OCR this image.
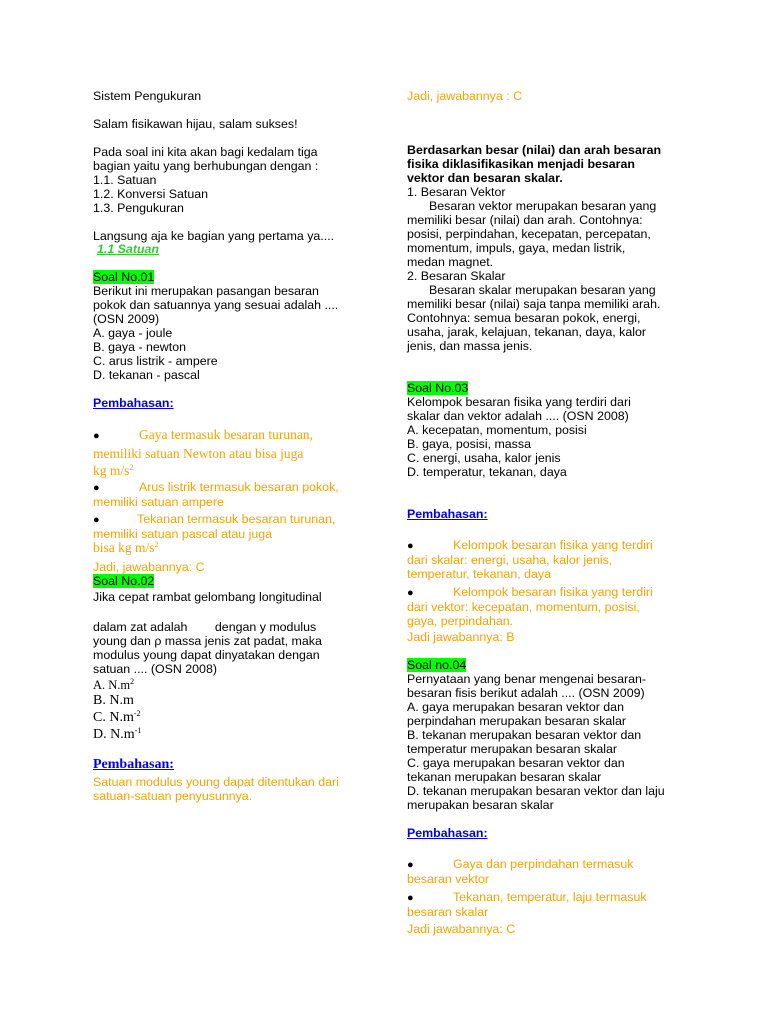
Sistem Pengukuran
Salam fisikawan hijau, salam sukses!
Pada soal ini kita akan bagi kedalam tiga
bagian yaitu yang berhubungan dengan :
1.1. Satuan
1.2. Konversi Satuan
1.3. Pengukuran
Langsung aja ke bagian yang pertama ya....
1.1 Satuan
Soal No.01
Berikut ini merupakan pasangan besaran
pokok dan satuannya yang sesuai adalah ....
(OSN 2009)
A. gaya - joule
B. gaya - newton
C. arus listrik - ampere
D. tekanan - pascal
Pembahasan:
●	Gaya termasuk besaran turunan,
memiliki satuan Newton atau bisa juga
kg $m/s^2$
●	Arus listrik termasuk besaran pokok,
memiliki satuan ampere
●	Tekanan termasuk besaran turunan,
memiliki satuan pascal atau juga
bisa kg $m/s^2$
Jadi, jawabannya: C
Soal No.02
Jika cepat rambat gelombang longitudinal
dalam zat adalah        dengan y modulus
young dan ρ massa jenis zat padat, maka
modulus young dapat dinyatakan dengan
satuan .... (OSN 2008)
A. $N.m^2$
B. N.m
C. $N.m^{-2}$
D. $N.m^{-1}$
Pembahasan:
Satuan modulus young dapat ditentukan dari
satuan-satuan penyusunnya.
Jadi, jawabannya : C
Berdasarkan besar (nilai) dan arah besaran
fisika diklasifikasikan menjadi besaran
vektor dan besaran skalar.
1. Besaran Vektor
Besaran vektor merupakan besaran yang
memiliki besar (nilai) dan arah. Contohnya:
posisi, perpindahan, kecepatan, percepatan,
momentum, impuls, gaya, medan listrik,
medan magnet.
2. Besaran Skalar
Besaran skalar merupakan besaran yang
memiliki besar (nilai) saja tanpa memiliki arah.
Contohnya: semua besaran pokok, energi,
usaha, jarak, kelajuan, tekanan, daya, kalor
jenis, dan massa jenis.
Soal No.03
Kelompok besaran fisika yang terdiri dari
skalar dan vektor adalah .... (OSN 2008)
A. kecepatan, momentum, posisi
B. gaya, posisi, massa
C. energi, usaha, kalor jenis
D. temperatur, tekanan, daya
Pembahasan:
●	Kelompok besaran fisika yang terdiri
dari skalar: energi, usaha, kalor jenis,
temperatur, tekanan, daya
●	Kelompok besaran fisika yang terdiri
dari vektor: kecepatan, momentum, posisi,
gaya, perpindahan.
Jadi jawabannya: B
Soal no.04
Pernyataan yang benar mengenai besaran-
besaran fisis berikut adalah .... (OSN 2009)
A. gaya merupakan besaran vektor dan
perpindahan merupakan besaran skalar
B. tekanan merupakan besaran vektor dan
temperatur merupakan besaran skalar
C. gaya merupakan besaran vektor dan
tekanan merupakan besaran skalar
D. tekanan merupakan besaran vektor dan laju
merupakan besaran skalar
Pembahasan:
●	Gaya dan perpindahan termasuk
besaran vektor
●	Tekanan, temperatur, laju termasuk
besaran skalar
Jadi jawabannya: C
